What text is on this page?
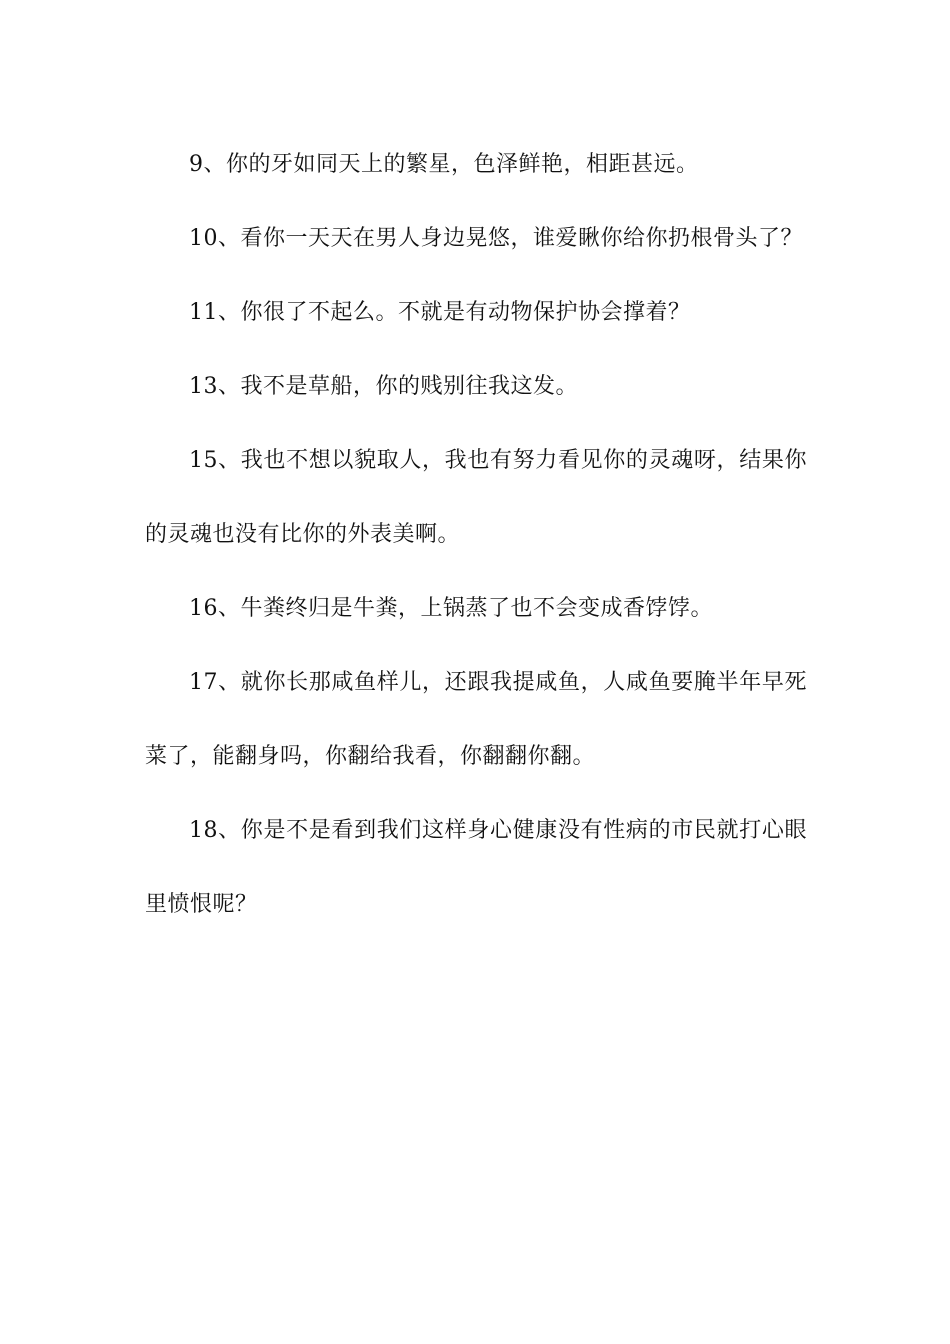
9、你的牙如同天上的繁星，色泽鲜艳，相距甚远。

10、看你一天天在男人身边晃悠，谁爱瞅你给你扔根骨头了？

11、你很了不起么。不就是有动物保护协会撑着？

13、我不是草船，你的贱别往我这发。

15、我也不想以貌取人，我也有努力看见你的灵魂呀，结果你的灵魂也没有比你的外表美啊。

16、牛粪终归是牛粪，上锅蒸了也不会变成香饽饽。

17、就你长那咸鱼样儿，还跟我提咸鱼，人咸鱼要腌半年早死菜了，能翻身吗，你翻给我看，你翻翻你翻。

18、你是不是看到我们这样身心健康没有性病的市民就打心眼里愤恨呢？
